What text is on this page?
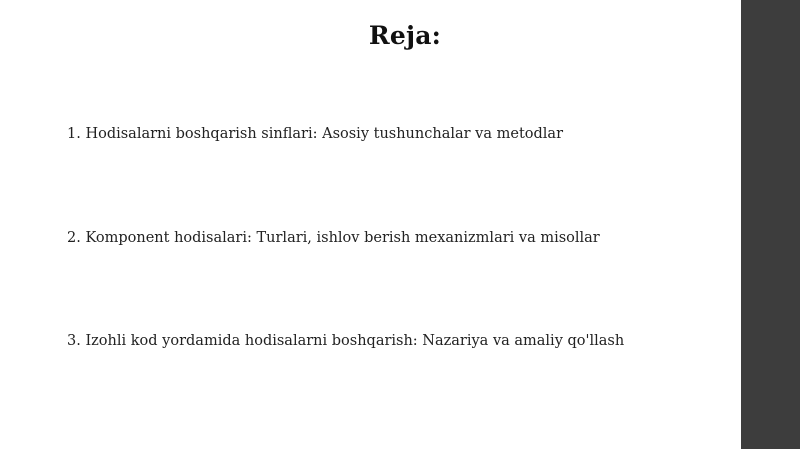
Reja:
1. Hodisalarni boshqarish sinflari: Asosiy tushunchalar va metodlar
2. Komponent hodisalari: Turlari, ishlov berish mexanizmlari va misollar
3. Izohli kod yordamida hodisalarni boshqarish: Nazariya va amaliy qo'llash
